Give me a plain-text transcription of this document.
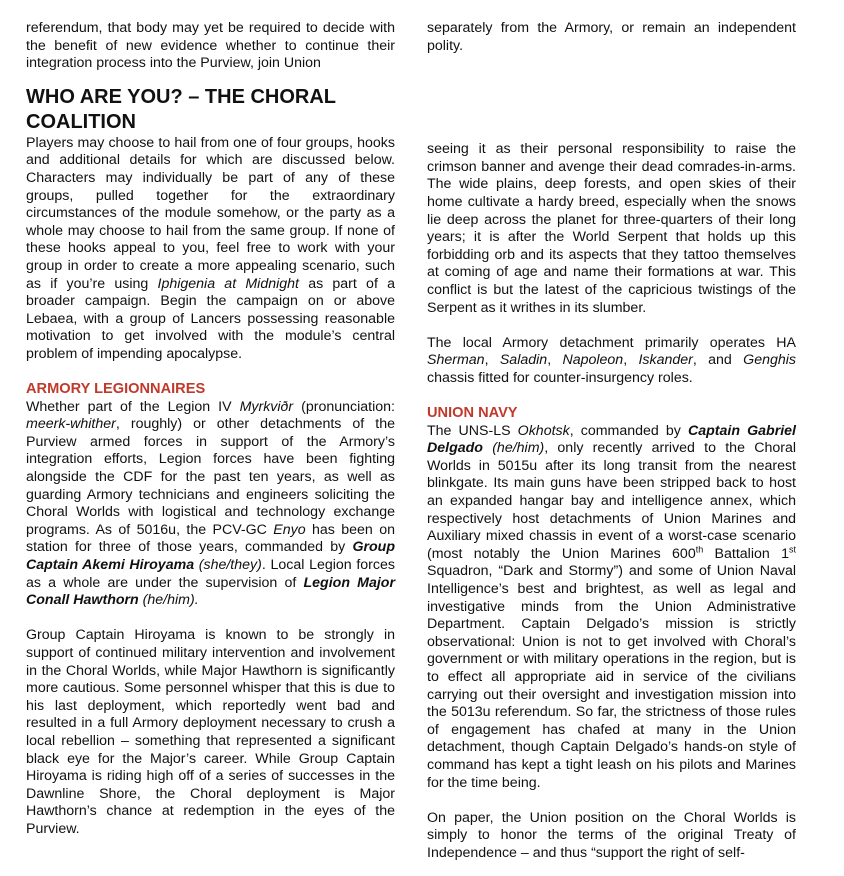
referendum, that body may yet be required to decide with the benefit of new evidence whether to continue their integration process into the Purview, join Union

WHO ARE YOU? – THE CHORAL COALITION

Players may choose to hail from one of four groups, hooks and additional details for which are discussed below. Characters may individually be part of any of these groups, pulled together for the extraordinary circumstances of the module somehow, or the party as a whole may choose to hail from the same group. If none of these hooks appeal to you, feel free to work with your group in order to create a more appealing scenario, such as if you’re using Iphigenia at Midnight as part of a broader campaign. Begin the campaign on or above Lebaea, with a group of Lancers possessing reasonable motivation to get involved with the module’s central problem of impending apocalypse.

ARMORY LEGIONNAIRES

Whether part of the Legion IV Myrkviðr (pronunciation: meerk-whither, roughly) or other detachments of the Purview armed forces in support of the Armory’s integration efforts, Legion forces have been fighting alongside the CDF for the past ten years, as well as guarding Armory technicians and engineers soliciting the Choral Worlds with logistical and technology exchange programs. As of 5016u, the PCV-GC Enyo has been on station for three of those years, commanded by Group Captain Akemi Hiroyama (she/they). Local Legion forces as a whole are under the supervision of Legion Major Conall Hawthorn (he/him).

Group Captain Hiroyama is known to be strongly in support of continued military intervention and involvement in the Choral Worlds, while Major Hawthorn is significantly more cautious. Some personnel whisper that this is due to his last deployment, which reportedly went bad and resulted in a full Armory deployment necessary to crush a local rebellion – something that represented a significant black eye for the Major’s career. While Group Captain Hiroyama is riding high off of a series of successes in the Dawnline Shore, the Choral deployment is Major Hawthorn’s chance at redemption in the eyes of the Purview.

separately from the Armory, or remain an independent polity.

seeing it as their personal responsibility to raise the crimson banner and avenge their dead comrades-in-arms. The wide plains, deep forests, and open skies of their home cultivate a hardy breed, especially when the snows lie deep across the planet for three-quarters of their long years; it is after the World Serpent that holds up this forbidding orb and its aspects that they tattoo themselves at coming of age and name their formations at war. This conflict is but the latest of the capricious twistings of the Serpent as it writhes in its slumber.

The local Armory detachment primarily operates HA Sherman, Saladin, Napoleon, Iskander, and Genghis chassis fitted for counter-insurgency roles.

UNION NAVY

The UNS-LS Okhotsk, commanded by Captain Gabriel Delgado (he/him), only recently arrived to the Choral Worlds in 5015u after its long transit from the nearest blinkgate. Its main guns have been stripped back to host an expanded hangar bay and intelligence annex, which respectively host detachments of Union Marines and Auxiliary mixed chassis in event of a worst-case scenario (most notably the Union Marines 600th Battalion 1st Squadron, “Dark and Stormy”) and some of Union Naval Intelligence’s best and brightest, as well as legal and investigative minds from the Union Administrative Department. Captain Delgado’s mission is strictly observational: Union is not to get involved with Choral’s government or with military operations in the region, but is to effect all appropriate aid in service of the civilians carrying out their oversight and investigation mission into the 5013u referendum. So far, the strictness of those rules of engagement has chafed at many in the Union detachment, though Captain Delgado’s hands-on style of command has kept a tight leash on his pilots and Marines for the time being.

On paper, the Union position on the Choral Worlds is simply to honor the terms of the original Treaty of Independence – and thus “support the right of self-
